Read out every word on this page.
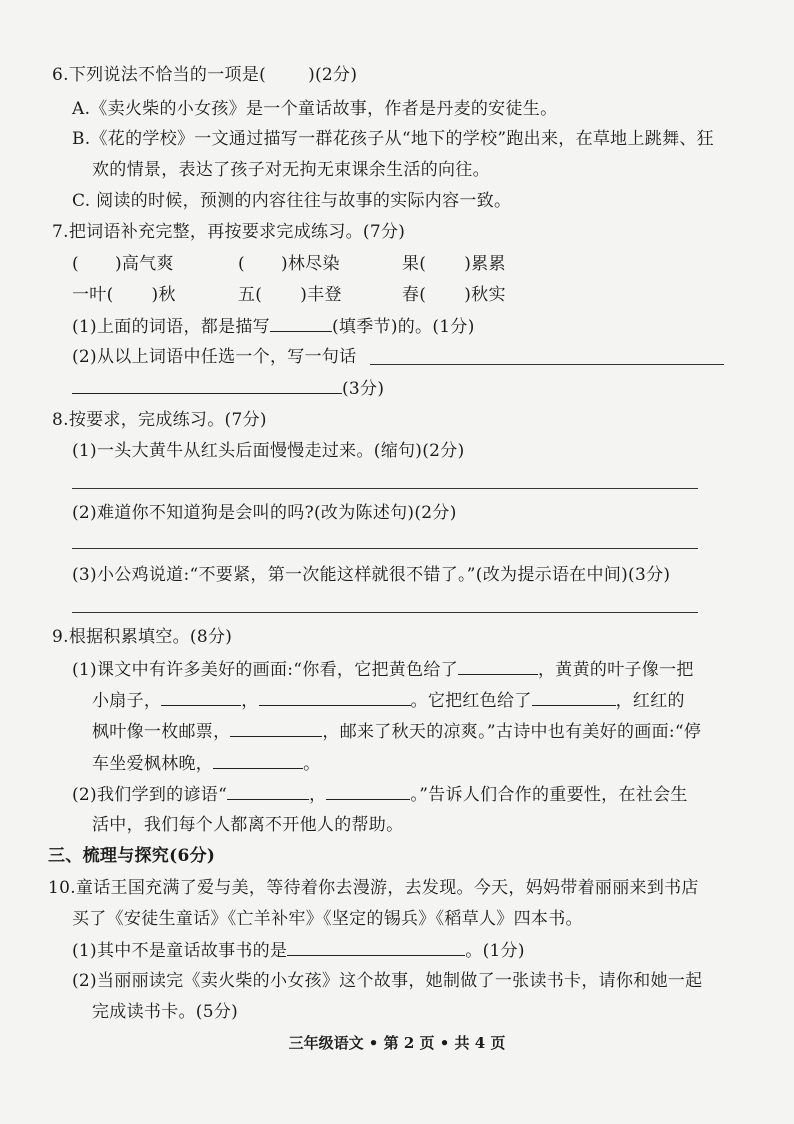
6.下列说法不恰当的一项是( )(2分)
A.《卖火柴的小女孩》是一个童话故事，作者是丹麦的安徒生。
B.《花的学校》一文通过描写一群花孩子从“地下的学校”跑出来，在草地上跳舞、狂
欢的情景，表达了孩子对无拘无束课余生活的向往。
C. 阅读的时候，预测的内容往往与故事的实际内容一致。
7.把词语补充完整，再按要求完成练习。(7分)
( )高气爽	( )林尽染	果( )累累
一叶( )秋	五( )丰登	春( )秋实
(1)上面的词语，都是描写	(填季节)的。(1分)
(2)从以上词语中任选一个，写一句话
(3分)
8.按要求，完成练习。(7分)
(1)一头大黄牛从红头后面慢慢走过来。(缩句)(2分)
(2)难道你不知道狗是会叫的吗?(改为陈述句)(2分)
(3)小公鸡说道:“不要紧，第一次能这样就很不错了。”(改为提示语在中间)(3分)
9.根据积累填空。(8分)
(1)课文中有许多美好的画面:“你看，它把黄色给了	，黄黄的叶子像一把
小扇子，	，	。它把红色给了	，红红的
枫叶像一枚邮票，	，邮来了秋天的凉爽。”古诗中也有美好的画面:“停
车坐爱枫林晚，	。
(2)我们学到的谚语“	，	。”告诉人们合作的重要性，在社会生
活中，我们每个人都离不开他人的帮助。
三、梳理与探究(6分)
10.童话王国充满了爱与美，等待着你去漫游，去发现。今天，妈妈带着丽丽来到书店
买了《安徒生童话》《亡羊补牢》《坚定的锡兵》《稻草人》四本书。
(1)其中不是童话故事书的是	。(1分)
(2)当丽丽读完《卖火柴的小女孩》这个故事，她制做了一张读书卡，请你和她一起
完成读书卡。(5分)
三年级语文 • 第 2 页 • 共 4 页
